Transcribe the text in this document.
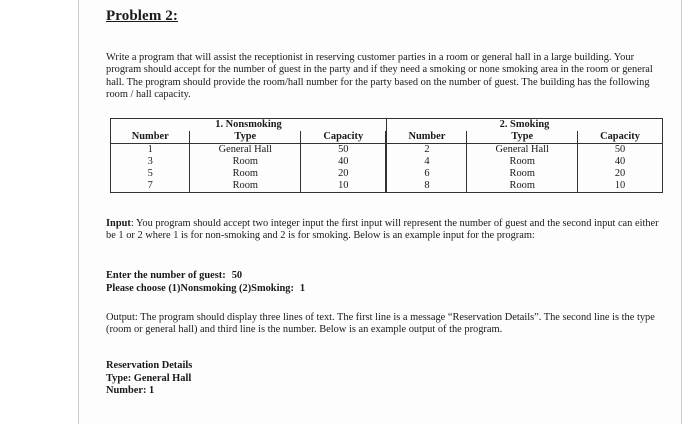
Problem 2:

Write a program that will assist the receptionist in reserving customer parties in a room or general hall in a large building. Your program should accept for the number of guest in the party and if they need a smoking or none smoking area in the room or general hall. The program should provide the room/hall number for the party based on the number of guest. The building has the following room / hall capacity.

1. Nonsmoking			2. Smoking		
Number	Type	Capacity	Number	Type	Capacity
1	General Hall	50	2	General Hall	50
3	Room	40	4	Room	40
5	Room	20	6	Room	20
7	Room	10	8	Room	10

Input: You program should accept two integer input the first input will represent the number of guest and the second input can either be 1 or 2 where 1 is for non-smoking and 2 is for smoking. Below is an example input for the program:

Enter the number of guest: 50
Please choose (1)Nonsmoking (2)Smoking: 1

Output: The program should display three lines of text. The first line is a message “Reservation Details”. The second line is the type (room or general hall) and third line is the number. Below is an example output of the program.

Reservation Details
Type: General Hall
Number: 1
